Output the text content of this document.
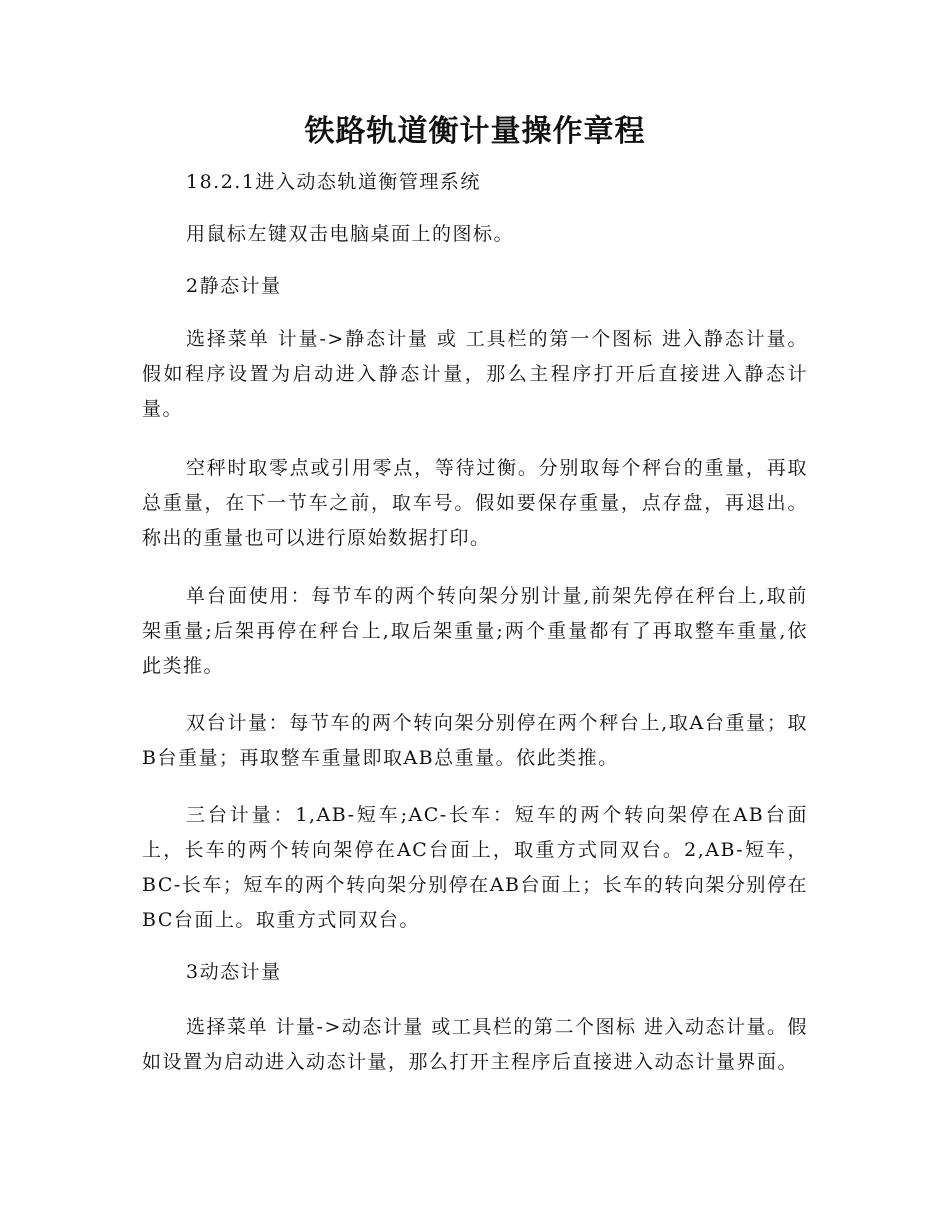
铁路轨道衡计量操作章程

18.2.1进入动态轨道衡管理系统

用鼠标左键双击电脑桌面上的图标。

2静态计量

选择菜单 计量->静态计量 或 工具栏的第一个图标 进入静态计量。假如程序设置为启动进入静态计量，那么主程序打开后直接进入静态计量。

空秤时取零点或引用零点，等待过衡。分别取每个秤台的重量，再取总重量，在下一节车之前，取车号。假如要保存重量，点存盘，再退出。称出的重量也可以进行原始数据打印。

单台面使用：每节车的两个转向架分别计量,前架先停在秤台上,取前架重量;后架再停在秤台上,取后架重量;两个重量都有了再取整车重量,依此类推。

双台计量：每节车的两个转向架分别停在两个秤台上,取A台重量；取B台重量；再取整车重量即取AB总重量。依此类推。

三台计量：1,AB-短车;AC-长车：短车的两个转向架停在AB台面上，长车的两个转向架停在AC台面上，取重方式同双台。2,AB-短车，BC-长车；短车的两个转向架分别停在AB台面上；长车的转向架分别停在BC台面上。取重方式同双台。

3动态计量

选择菜单 计量->动态计量 或工具栏的第二个图标 进入动态计量。假如设置为启动进入动态计量，那么打开主程序后直接进入动态计量界面。
